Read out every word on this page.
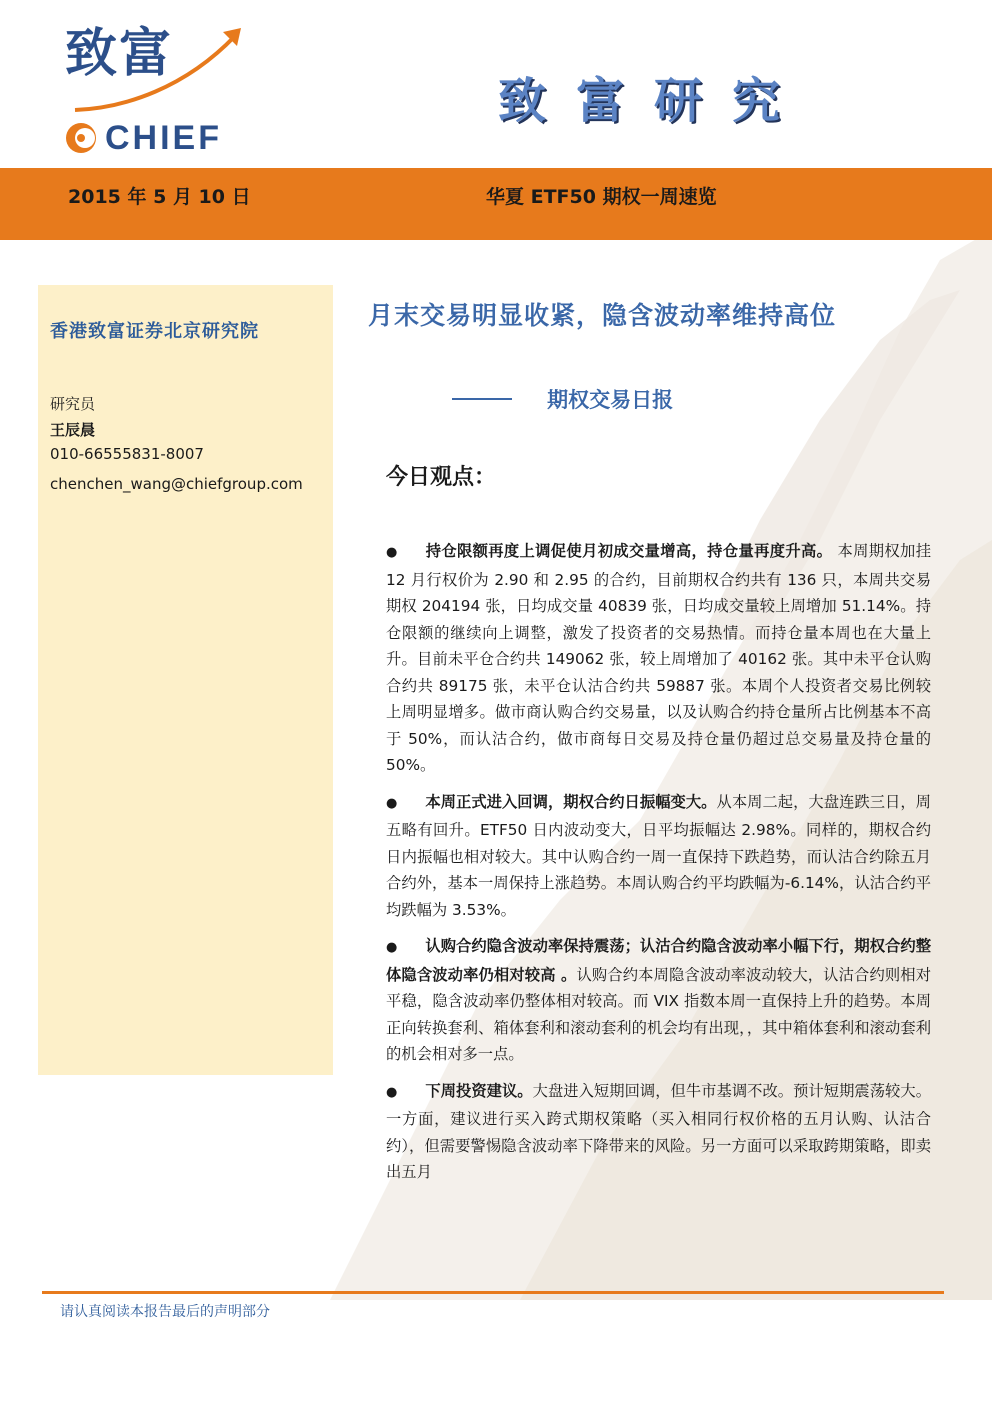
致富
CHIEF
致富研究
2015 年 5 月 10 日	华夏 ETF50 期权一周速览
香港致富证券北京研究院
研究员
王辰晨
010-66555831-8007
chenchen_wang@chiefgroup.com
月末交易明显收紧，隐含波动率维持高位
期权交易日报
今日观点：
● 持仓限额再度上调促使月初成交量增高，持仓量再度升高。 本周期权加挂 12 月行权价为 2.90 和 2.95 的合约，目前期权合约共有 136 只，本周共交易期权 204194 张，日均成交量 40839 张，日均成交量较上周增加 51.14%。持仓限额的继续向上调整，激发了投资者的交易热情。而持仓量本周也在大量上升。目前未平仓合约共 149062 张，较上周增加了 40162 张。其中未平仓认购合约共 89175 张，未平仓认沽合约共 59887 张。本周个人投资者交易比例较上周明显增多。做市商认购合约交易量，以及认购合约持仓量所占比例基本不高于 50%，而认沽合约，做市商每日交易及持仓量仍超过总交易量及持仓量的 50%。
● 本周正式进入回调，期权合约日振幅变大。从本周二起，大盘连跌三日，周五略有回升。ETF50 日内波动变大，日平均振幅达 2.98%。同样的，期权合约日内振幅也相对较大。其中认购合约一周一直保持下跌趋势，而认沽合约除五月合约外，基本一周保持上涨趋势。本周认购合约平均跌幅为-6.14%，认沽合约平均跌幅为 3.53%。
● 认购合约隐含波动率保持震荡；认沽合约隐含波动率小幅下行，期权合约整体隐含波动率仍相对较高 。认购合约本周隐含波动率波动较大，认沽合约则相对平稳，隐含波动率仍整体相对较高。而 VIX 指数本周一直保持上升的趋势。本周正向转换套利、箱体套利和滚动套利的机会均有出现，，其中箱体套利和滚动套利的机会相对多一点。
● 下周投资建议。大盘进入短期回调，但牛市基调不改。预计短期震荡较大。一方面，建议进行买入跨式期权策略（买入相同行权价格的五月认购、认沽合约），但需要警惕隐含波动率下降带来的风险。另一方面可以采取跨期策略，即卖出五月
请认真阅读本报告最后的声明部分
